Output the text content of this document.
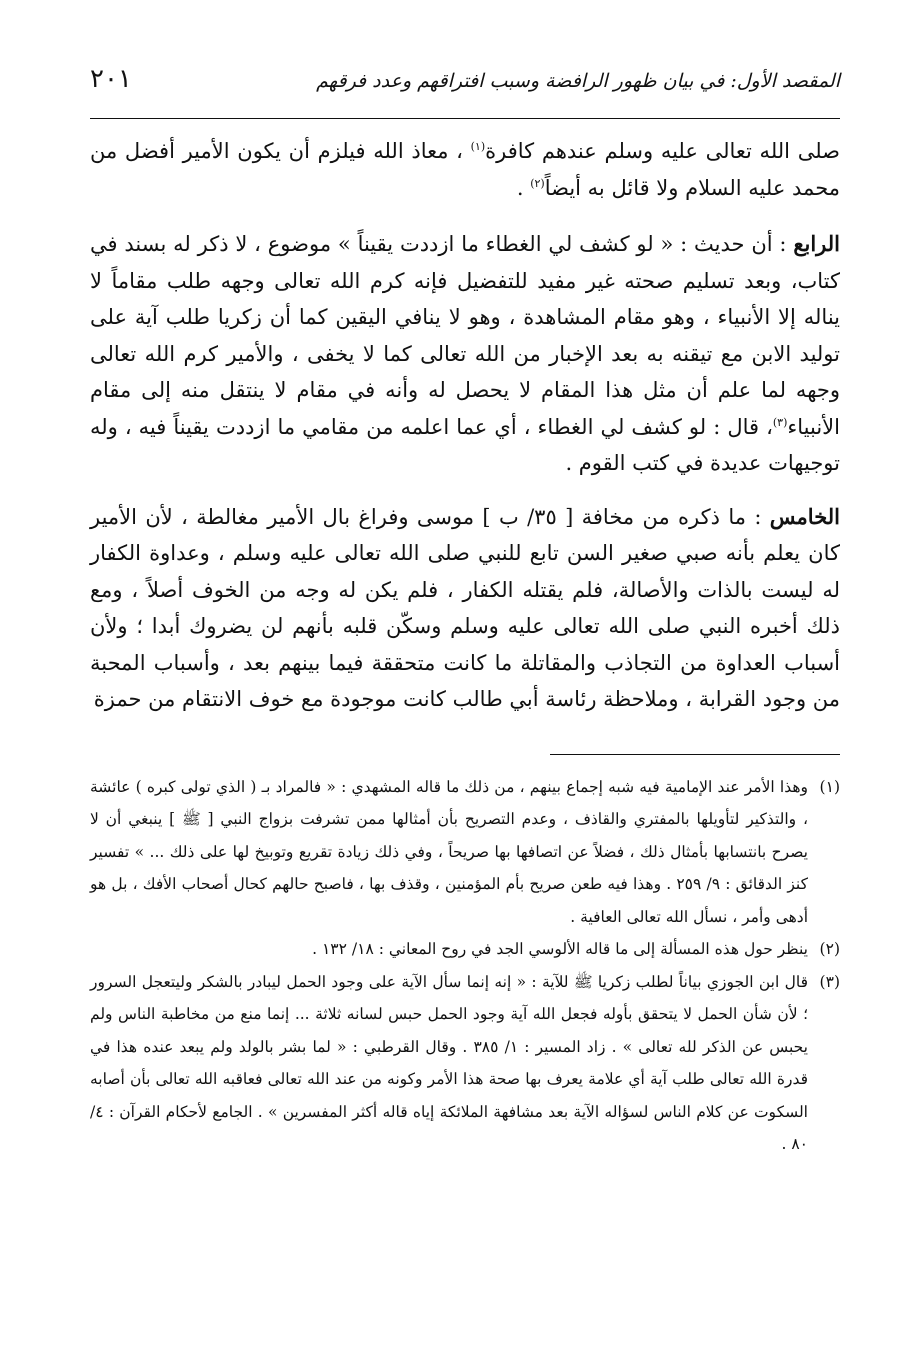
المقصد الأول: في بيان ظهور الرافضة وسبب افتراقهم وعدد فرقهم
٢٠١

صلى الله تعالى عليه وسلم عندهم كافرة$^{(١)}$ ، معاذ الله فيلزم أن يكون الأمير أفضل من محمد عليه السلام ولا قائل به أيضاً$^{(٢)}$ .

الرابع : أن حديث : « لو كشف لي الغطاء ما ازددت يقيناً » موضوع ، لا ذكر له بسند في كتاب، وبعد تسليم صحته غير مفيد للتفضيل فإنه كرم الله تعالى وجهه طلب مقاماً لا يناله إلا الأنبياء ، وهو مقام المشاهدة ، وهو لا ينافي اليقين كما أن زكريا طلب آية على توليد الابن مع تيقنه به بعد الإخبار من الله تعالى كما لا يخفى ، والأمير كرم الله تعالى وجهه لما علم أن مثل هذا المقام لا يحصل له وأنه في مقام لا ينتقل منه إلى مقام الأنبياء$^{(٣)}$، قال : لو كشف لي الغطاء ، أي عما اعلمه من مقامي ما ازددت يقيناً فيه ، وله توجيهات عديدة في كتب القوم .

الخامس : ما ذكره من مخافة [ ٣٥/ ب ] موسى وفراغ بال الأمير مغالطة ، لأن الأمير كان يعلم بأنه صبي صغير السن تابع للنبي صلى الله تعالى عليه وسلم ، وعداوة الكفار له ليست بالذات والأصالة، فلم يقتله الكفار ، فلم يكن له وجه من الخوف أصلاً ، ومع ذلك أخبره النبي صلى الله تعالى عليه وسلم وسكّن قلبه بأنهم لن يضروك أبدا ؛ ولأن أسباب العداوة من التجاذب والمقاتلة ما كانت متحققة فيما بينهم بعد ، وأسباب المحبة من وجود القرابة ، وملاحظة رئاسة أبي طالب كانت موجودة مع خوف الانتقام من حمزة

(١)
وهذا الأمر عند الإمامية فيه شبه إجماع بينهم ، من ذلك ما قاله المشهدي : « فالمراد بـ ( الذي تولى كبره ) عائشة ، والتذكير لتأويلها بالمفتري والقاذف ، وعدم التصريح بأن أمثالها ممن تشرفت بزواج النبي [ ﷺ ] ينبغي أن لا يصرح بانتسابها بأمثال ذلك ، فضلاً عن اتصافها بها صريحاً ، وفي ذلك زيادة تقريع وتوبيخ لها على ذلك ... » تفسير كنز الدقائق : ٩/ ٢٥٩ . وهذا فيه طعن صريح بأم المؤمنين ، وقذف بها ، فاصبح حالهم كحال أصحاب الأفك ، بل هو أدهى وأمر ، نسأل الله تعالى العافية .
(٢)
ينظر حول هذه المسألة إلى ما قاله الألوسي الجد في روح المعاني : ١٨/ ١٣٢ .
(٣)
قال ابن الجوزي بياناً لطلب زكريا ﷺ للآية : « إنه إنما سأل الآية على وجود الحمل ليبادر بالشكر وليتعجل السرور ؛ لأن شأن الحمل لا يتحقق بأوله فجعل الله آية وجود الحمل حبس لسانه ثلاثة ... إنما منع من مخاطبة الناس ولم يحبس عن الذكر لله تعالى » . زاد المسير : ١/ ٣٨٥ . وقال القرطبي : « لما بشر بالولد ولم يبعد عنده هذا في قدرة الله تعالى طلب آية أي علامة يعرف بها صحة هذا الأمر وكونه من عند الله تعالى فعاقبه الله تعالى بأن أصابه السكوت عن كلام الناس لسؤاله الآية بعد مشافهة الملائكة إياه قاله أكثر المفسرين » . الجامع لأحكام القرآن : ٤/ ٨٠ .
